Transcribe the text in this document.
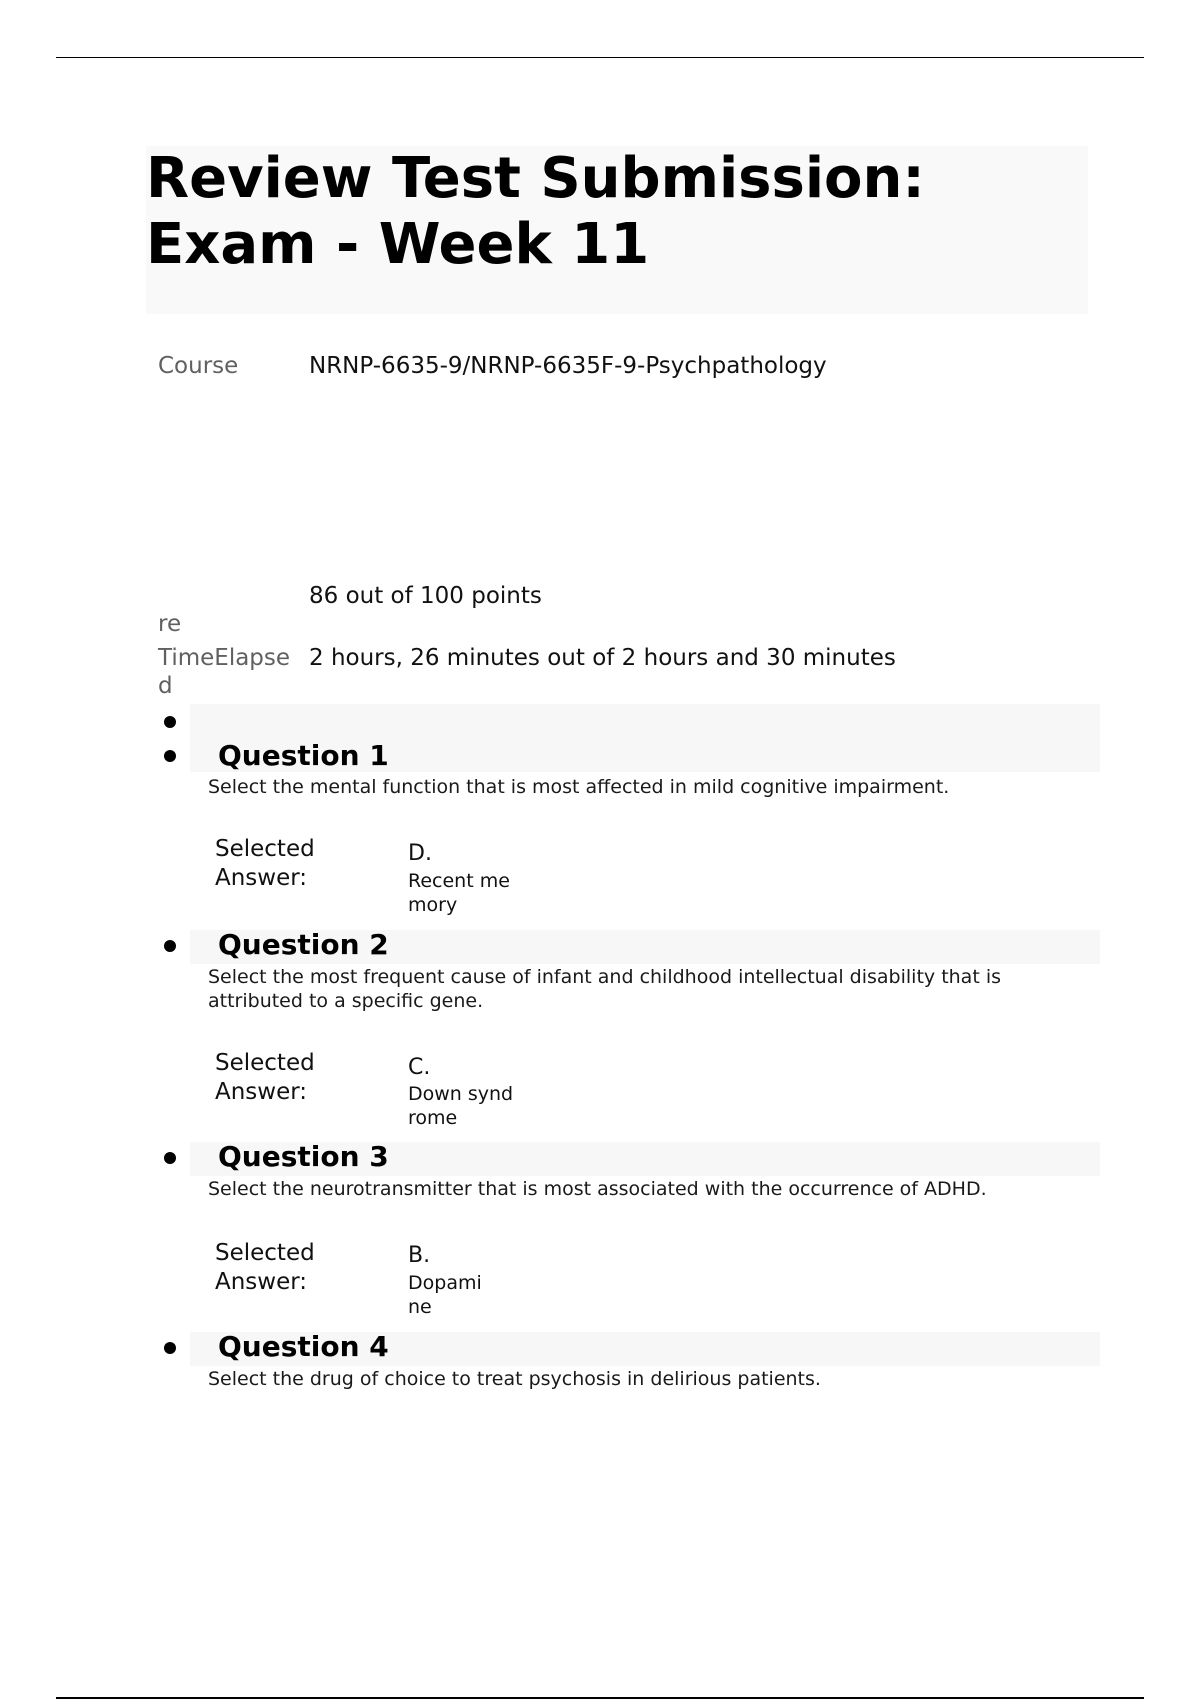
Review Test Submission: Exam - Week 11
Course	NRNP-6635-9/NRNP-6635F-9-Psychpathology
86 out of 100 points
re
TimeElapsed
2 hours, 26 minutes out of 2 hours and 30 minutes
Question 1
Select the mental function that is most affected in mild cognitive impairment.
Selected Answer:
D.
Recent memory
Question 2
Select the most frequent cause of infant and childhood intellectual disability that is attributed to a specific gene.
Selected Answer:
C.
Down syndrome
Question 3
Select the neurotransmitter that is most associated with the occurrence of ADHD.
Selected Answer:
B.
Dopamine
Question 4
Select the drug of choice to treat psychosis in delirious patients.
